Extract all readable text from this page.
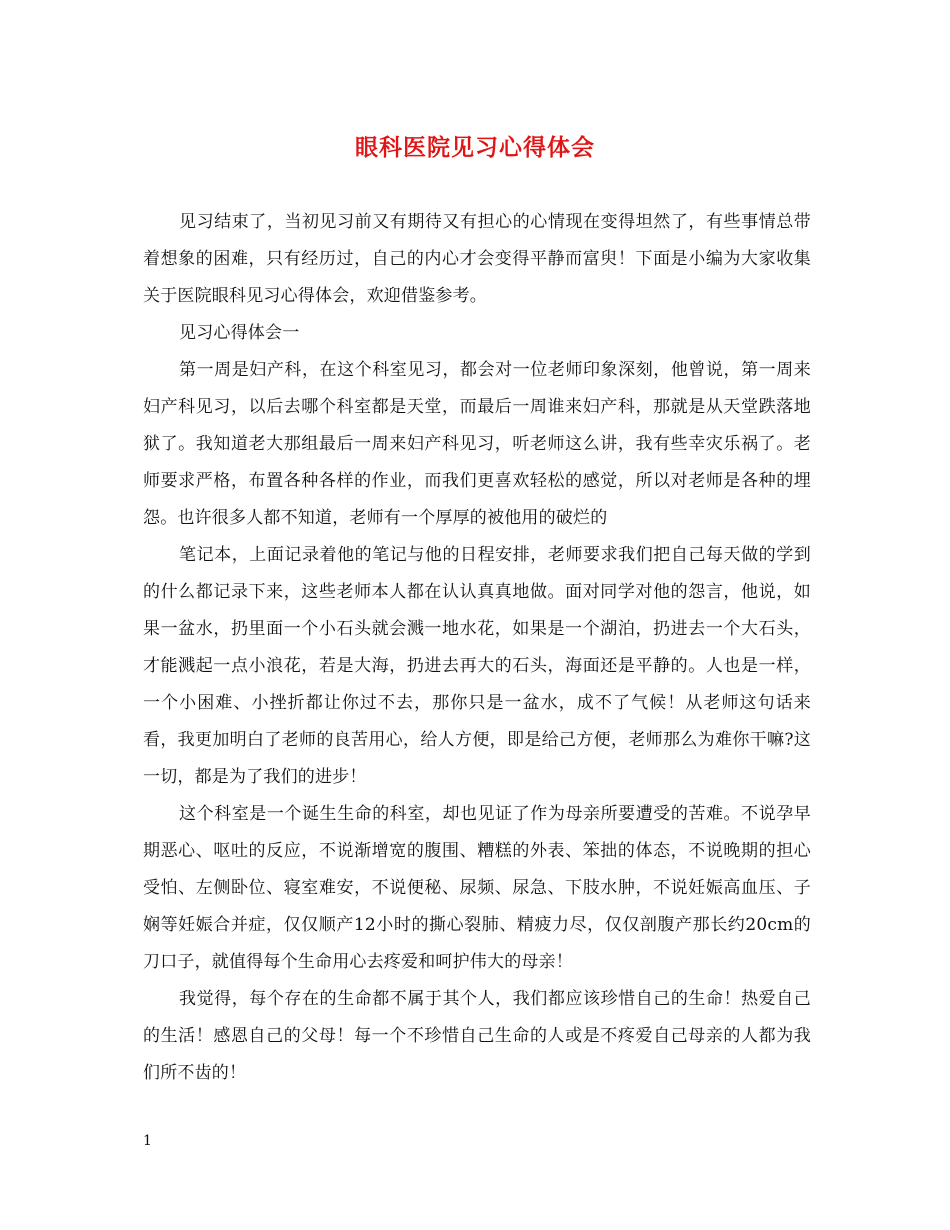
眼科医院见习心得体会

见习结束了，当初见习前又有期待又有担心的心情现在变得坦然了，有些事情总带着想象的困难，只有经历过，自己的内心才会变得平静而富臾！下面是小编为大家收集关于医院眼科见习心得体会，欢迎借鉴参考。

见习心得体会一

第一周是妇产科，在这个科室见习，都会对一位老师印象深刻，他曾说，第一周来妇产科见习，以后去哪个科室都是天堂，而最后一周谁来妇产科，那就是从天堂跌落地狱了。我知道老大那组最后一周来妇产科见习，听老师这么讲，我有些幸灾乐祸了。老师要求严格，布置各种各样的作业，而我们更喜欢轻松的感觉，所以对老师是各种的埋怨。也许很多人都不知道，老师有一个厚厚的被他用的破烂的

笔记本，上面记录着他的笔记与他的日程安排，老师要求我们把自己每天做的学到的什么都记录下来，这些老师本人都在认认真真地做。面对同学对他的怨言，他说，如果一盆水，扔里面一个小石头就会溅一地水花，如果是一个湖泊，扔进去一个大石头，才能溅起一点小浪花，若是大海，扔进去再大的石头，海面还是平静的。人也是一样，一个小困难、小挫折都让你过不去，那你只是一盆水，成不了气候！从老师这句话来看，我更加明白了老师的良苦用心，给人方便，即是给己方便，老师那么为难你干嘛?这一切，都是为了我们的进步！

这个科室是一个诞生生命的科室，却也见证了作为母亲所要遭受的苦难。不说孕早期恶心、呕吐的反应，不说渐增宽的腹围、糟糕的外表、笨拙的体态，不说晚期的担心受怕、左侧卧位、寝室难安，不说便秘、尿频、尿急、下肢水肿，不说妊娠高血压、子娴等妊娠合并症，仅仅顺产12小时的撕心裂肺、精疲力尽，仅仅剖腹产那长约20cm的刀口子，就值得每个生命用心去疼爱和呵护伟大的母亲！

我觉得，每个存在的生命都不属于其个人，我们都应该珍惜自己的生命！热爱自己的生活！感恩自己的父母！每一个不珍惜自己生命的人或是不疼爱自己母亲的人都为我们所不齿的！

1
